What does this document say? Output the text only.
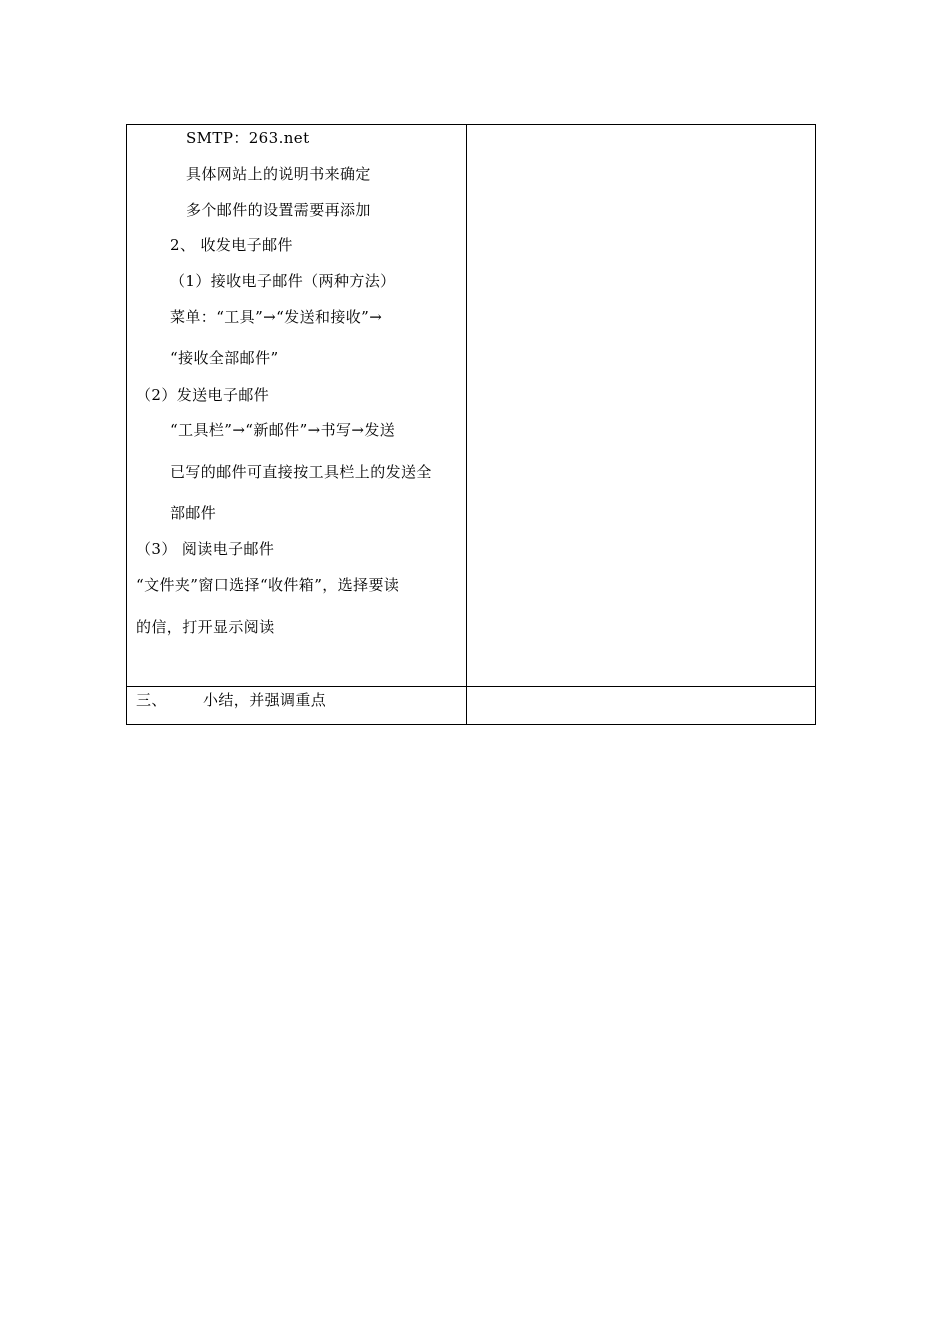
SMTP：263.net
具体网站上的说明书来确定
多个邮件的设置需要再添加
2、 收发电子邮件
（1）接收电子邮件（两种方法）
菜单：“工具”→“发送和接收”→
“接收全部邮件”
（2）发送电子邮件
“工具栏”→“新邮件”→书写→发送
已写的邮件可直接按工具栏上的发送全
部邮件
（3） 阅读电子邮件
“文件夹”窗口选择“收件箱”，选择要读
的信，打开显示阅读
三、 小结，并强调重点
